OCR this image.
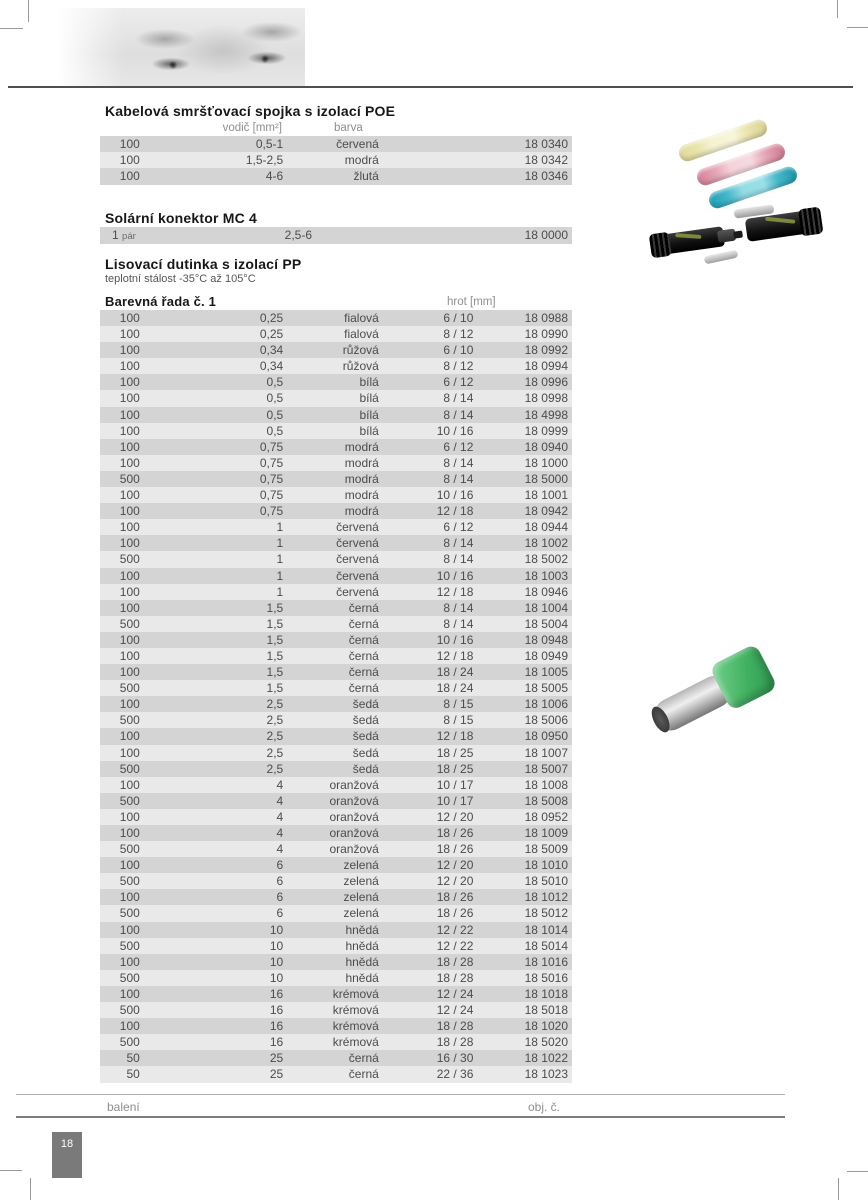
Kabelová smršťovací spojka s izolací POE
vodič [mm²]	barva
100	0,5-1	červená	18 0340
100	1,5-2,5	modrá	18 0342
100	4-6	žlutá	18 0346
Solární konektor MC 4
1 pár	2,5-6	18 0000
Lisovací dutinka s izolací PP
teplotní stálost -35°C až 105°C
Barevná řada č. 1	hrot [mm]
100	0,25	fialová	6 / 10	18 0988
100	0,25	fialová	8 / 12	18 0990
100	0,34	růžová	6 / 10	18 0992
100	0,34	růžová	8 / 12	18 0994
100	0,5	bílá	6 / 12	18 0996
100	0,5	bílá	8 / 14	18 0998
100	0,5	bílá	8 / 14	18 4998
100	0,5	bílá	10 / 16	18 0999
100	0,75	modrá	6 / 12	18 0940
100	0,75	modrá	8 / 14	18 1000
500	0,75	modrá	8 / 14	18 5000
100	0,75	modrá	10 / 16	18 1001
100	0,75	modrá	12 / 18	18 0942
100	1	červená	6 / 12	18 0944
100	1	červená	8 / 14	18 1002
500	1	červená	8 / 14	18 5002
100	1	červená	10 / 16	18 1003
100	1	červená	12 / 18	18 0946
100	1,5	černá	8 / 14	18 1004
500	1,5	černá	8 / 14	18 5004
100	1,5	černá	10 / 16	18 0948
100	1,5	černá	12 / 18	18 0949
100	1,5	černá	18 / 24	18 1005
500	1,5	černá	18 / 24	18 5005
100	2,5	šedá	8 / 15	18 1006
500	2,5	šedá	8 / 15	18 5006
100	2,5	šedá	12 / 18	18 0950
100	2,5	šedá	18 / 25	18 1007
500	2,5	šedá	18 / 25	18 5007
100	4	oranžová	10 / 17	18 1008
500	4	oranžová	10 / 17	18 5008
100	4	oranžová	12 / 20	18 0952
100	4	oranžová	18 / 26	18 1009
500	4	oranžová	18 / 26	18 5009
100	6	zelená	12 / 20	18 1010
500	6	zelená	12 / 20	18 5010
100	6	zelená	18 / 26	18 1012
500	6	zelená	18 / 26	18 5012
100	10	hnědá	12 / 22	18 1014
500	10	hnědá	12 / 22	18 5014
100	10	hnědá	18 / 28	18 1016
500	10	hnědá	18 / 28	18 5016
100	16	krémová	12 / 24	18 1018
500	16	krémová	12 / 24	18 5018
100	16	krémová	18 / 28	18 1020
500	16	krémová	18 / 28	18 5020
50	25	černá	16 / 30	18 1022
50	25	černá	22 / 36	18 1023
balení	obj. č.
18
